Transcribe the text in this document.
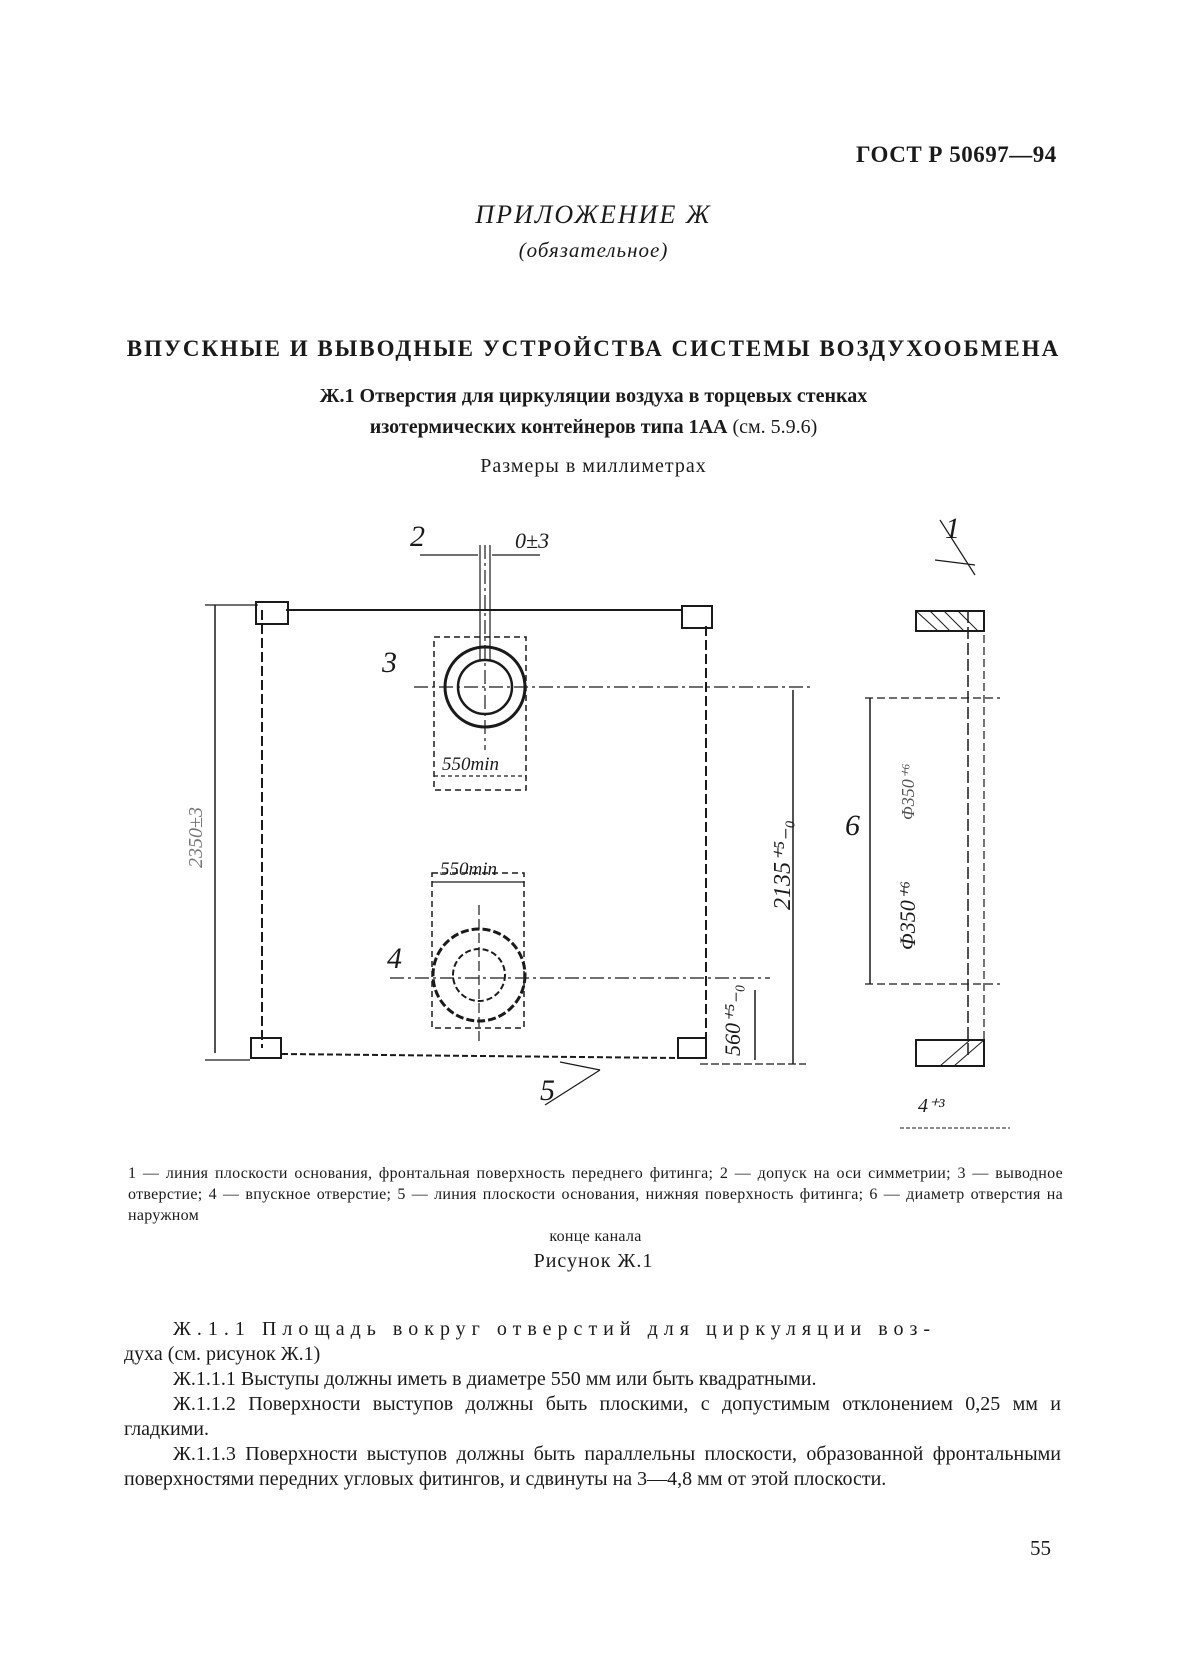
ГОСТ Р 50697—94
ПРИЛОЖЕНИЕ Ж
(обязательное)
ВПУСКНЫЕ И ВЫВОДНЫЕ УСТРОЙСТВА СИСТЕМЫ ВОЗДУХООБМЕНА
Ж.1 Отверстия для циркуляции воздуха в торцевых стенках
изотермических контейнеров типа 1АА (см. 5.9.6)
Размеры в миллиметрах
2	0±3
3
550min
550min
4
5
1
6
4⁺³
2350±3	2135⁺⁵₋₀
560⁺⁵₋₀
Φ350⁺⁶
Φ350⁺⁶
1 — линия плоскости основания, фронтальная поверхность переднего фитинга; 2 — допуск на оси симметрии; 3 — выводное отверстие; 4 — впускное отверстие; 5 — линия плоскости основания, нижняя поверхность фитинга; 6 — диаметр отверстия на наружном
конце канала
Рисунок Ж.1

Ж.1.1 Площадь вокруг отверстий для циркуляции воз-

духа (см. рисунок Ж.1)

Ж.1.1.1 Выступы должны иметь в диаметре 550 мм или быть квадратными.

Ж.1.1.2 Поверхности выступов должны быть плоскими, с допустимым отклонением 0,25 мм и гладкими.

Ж.1.1.3 Поверхности выступов должны быть параллельны плоскости, образованной фронтальными поверхностями передних угловых фитингов, и сдвинуты на 3—4,8 мм от этой плоскости.

55
